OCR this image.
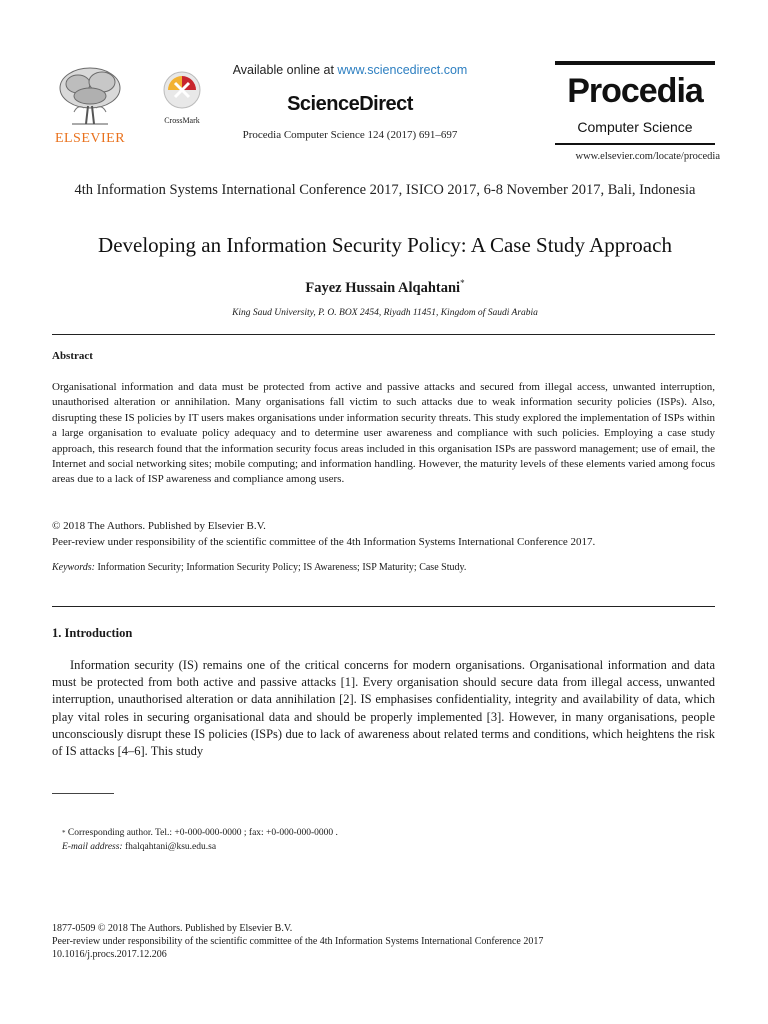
ELSEVIER
CrossMark
Available online at www.sciencedirect.com
ScienceDirect
Procedia Computer Science 124 (2017) 691–697
Procedia
Computer Science
www.elsevier.com/locate/procedia
4th Information Systems International Conference 2017, ISICO 2017, 6-8 November 2017, Bali, Indonesia
Developing an Information Security Policy: A Case Study Approach
Fayez Hussain Alqahtani*
King Saud University, P. O. BOX 2454, Riyadh 11451, Kingdom of Saudi Arabia
Abstract
Organisational information and data must be protected from active and passive attacks and secured from illegal access, unwanted interruption, unauthorised alteration or annihilation. Many organisations fall victim to such attacks due to weak information security policies (ISPs). Also, disrupting these IS policies by IT users makes organisations under information security threats. This study explored the implementation of ISPs within a large organisation to evaluate policy adequacy and to determine user awareness and compliance with such policies. Employing a case study approach, this research found that the information security focus areas included in this organisation ISPs are password management; use of email, the Internet and social networking sites; mobile computing; and information handling. However, the maturity levels of these elements varied among focus areas due to a lack of ISP awareness and compliance among users.
© 2018 The Authors. Published by Elsevier B.V.
Peer-review under responsibility of the scientific committee of the 4th Information Systems International Conference 2017.
Keywords: Information Security; Information Security Policy; IS Awareness; ISP Maturity; Case Study.
1. Introduction
Information security (IS) remains one of the critical concerns for modern organisations. Organisational information and data must be protected from both active and passive attacks [1]. Every organisation should secure data from illegal access, unwanted interruption, unauthorised alteration or data annihilation [2]. IS emphasises confidentiality, integrity and availability of data, which play vital roles in securing organisational data and should be properly implemented [3]. However, in many organisations, people unconsciously disrupt these IS policies (ISPs) due to lack of awareness about related terms and conditions, which heightens the risk of IS attacks [4–6]. This study
* Corresponding author. Tel.: +0-000-000-0000 ; fax: +0-000-000-0000 .
E-mail address: fhalqahtani@ksu.edu.sa
1877-0509 © 2018 The Authors. Published by Elsevier B.V.
Peer-review under responsibility of the scientific committee of the 4th Information Systems International Conference 2017
10.1016/j.procs.2017.12.206
